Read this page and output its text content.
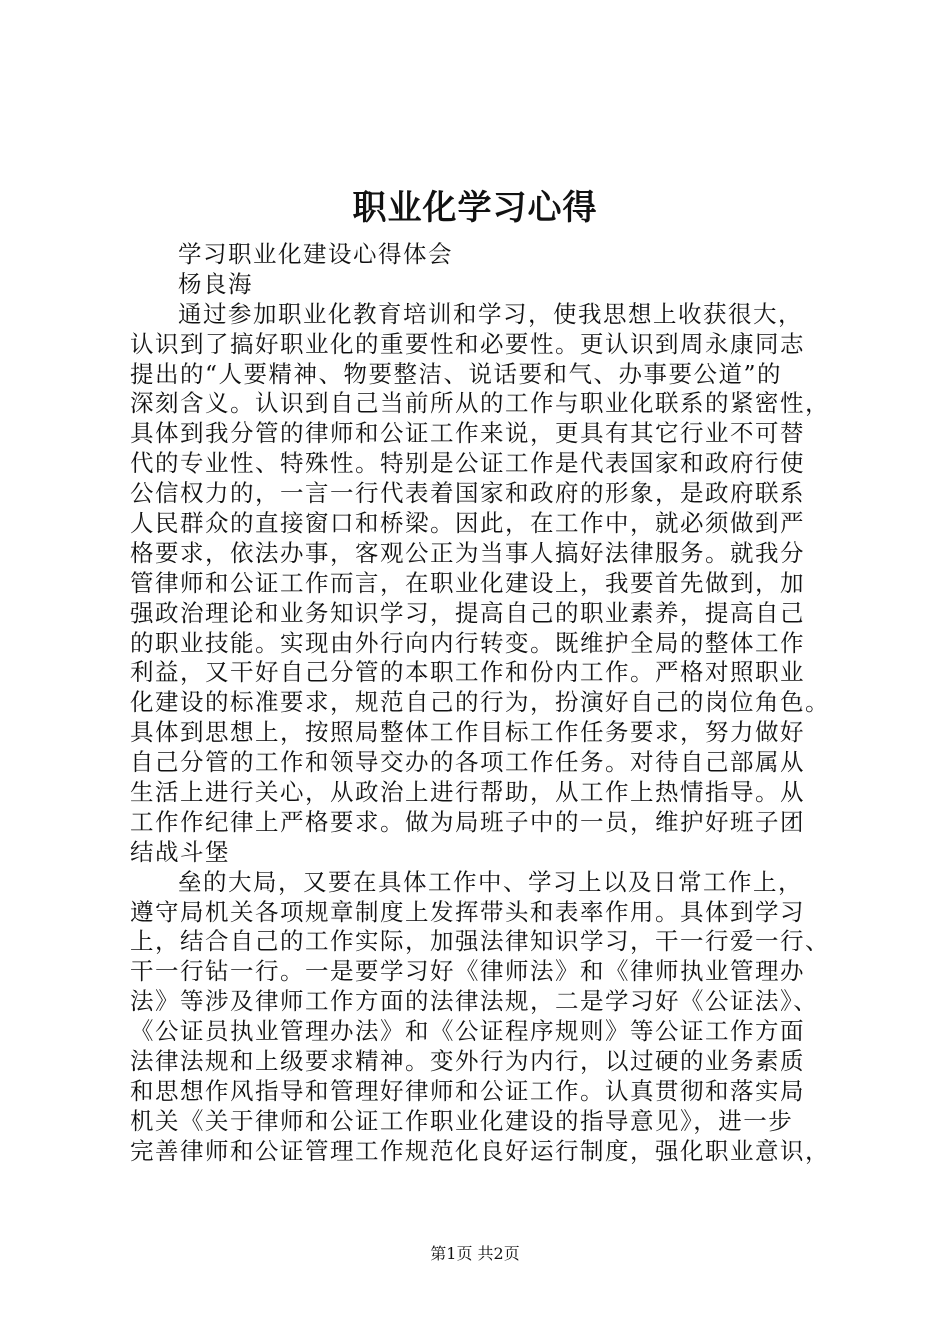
职业化学习心得
学习职业化建设心得体会
杨良海
通过参加职业化教育培训和学习，使我思想上收获很大，
认识到了搞好职业化的重要性和必要性。更认识到周永康同志
提出的“人要精神、物要整洁、说话要和气、办事要公道”的
深刻含义。认识到自己当前所从的工作与职业化联系的紧密性，
具体到我分管的律师和公证工作来说，更具有其它行业不可替
代的专业性、特殊性。特别是公证工作是代表国家和政府行使
公信权力的，一言一行代表着国家和政府的形象，是政府联系
人民群众的直接窗口和桥梁。因此，在工作中，就必须做到严
格要求，依法办事，客观公正为当事人搞好法律服务。就我分
管律师和公证工作而言，在职业化建设上，我要首先做到，加
强政治理论和业务知识学习，提高自己的职业素养，提高自己
的职业技能。实现由外行向内行转变。既维护全局的整体工作
利益，又干好自己分管的本职工作和份内工作。严格对照职业
化建设的标准要求，规范自己的行为，扮演好自己的岗位角色。
具体到思想上，按照局整体工作目标工作任务要求，努力做好
自己分管的工作和领导交办的各项工作任务。对待自己部属从
生活上进行关心，从政治上进行帮助，从工作上热情指导。从
工作作纪律上严格要求。做为局班子中的一员，维护好班子团
结战斗堡
垒的大局，又要在具体工作中、学习上以及日常工作上，
遵守局机关各项规章制度上发挥带头和表率作用。具体到学习
上，结合自己的工作实际，加强法律知识学习，干一行爱一行、
干一行钻一行。一是要学习好《律师法》和《律师执业管理办
法》等涉及律师工作方面的法律法规，二是学习好《公证法》、
《公证员执业管理办法》和《公证程序规则》等公证工作方面
法律法规和上级要求精神。变外行为内行，以过硬的业务素质
和思想作风指导和管理好律师和公证工作。认真贯彻和落实局
机关《关于律师和公证工作职业化建设的指导意见》，进一步
完善律师和公证管理工作规范化良好运行制度，强化职业意识，
第1页 共2页
